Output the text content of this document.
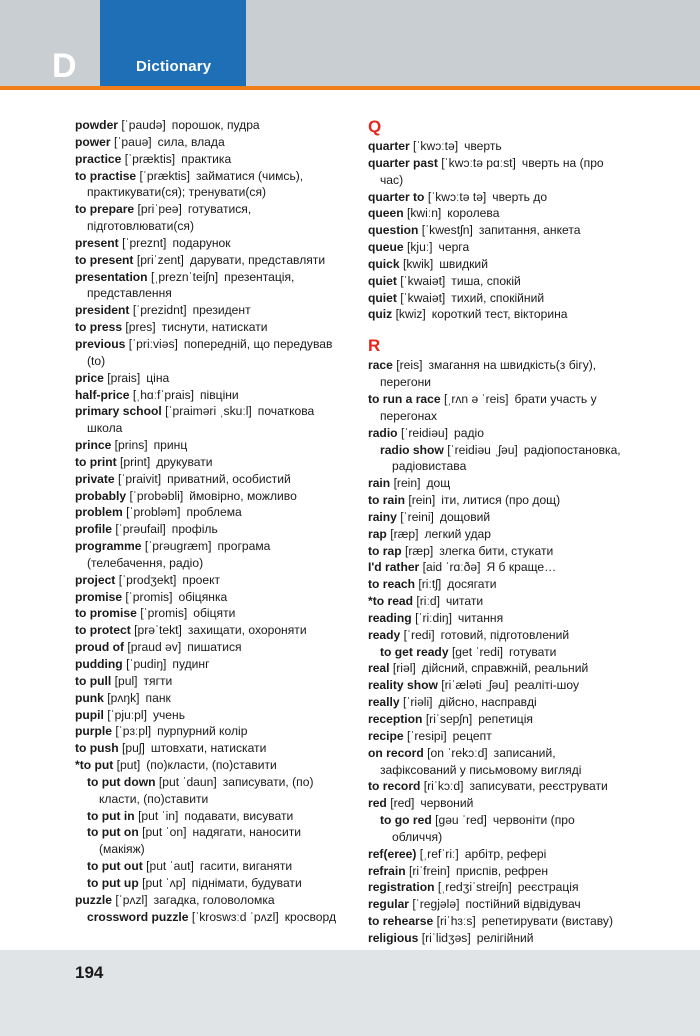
Dictionary
D
powder [ˈpaudə] порошок, пудра
power [ˈpauə] сила, влада
practice [ˈpræktis] практика
to practise [ˈpræktis] займатися (чимсь),
практикувати(ся); тренувати(ся)
to prepare [priˈpeə] готуватися,
підготовлювати(ся)
present [ˈpreznt] подарунок
to present [priˈzent] дарувати, представляти
presentation [ˌpreznˈteiʃn] презентація,
представлення
president [ˈprezidnt] президент
to press [pres] тиснути, натискати
previous [ˈpriːviəs] попередній, що передував
(to)
price [prais] ціна
half-price [ˌhɑːfˈprais] півціни
primary school [ˈpraiməri ˌskuːl] початкова
школа
prince [prins] принц
to print [print] друкувати
private [ˈpraivit] приватний, особистий
probably [ˈprobəbli] ймовірно, можливо
problem [ˈprobləm] проблема
profile [ˈprəufail] профіль
programme [ˈprəugræm] програма
(телебачення, радіо)
project [ˈprodʒekt] проект
promise [ˈpromis] обіцянка
to promise [ˈpromis] обіцяти
to protect [prəˈtekt] захищати, охороняти
proud of [praud əv] пишатися
pudding [ˈpudiŋ] пудинг
to pull [pul] тягти
punk [pʌŋk] панк
pupil [ˈpjuːpl] учень
purple [ˈpɜːpl] пурпурний колір
to push [puʃ] штовхати, натискати
*to put [put] (по)класти, (по)ставити
to put down [put ˈdaun] записувати, (по)
класти, (по)ставити
to put in [put ˈin] подавати, висувати
to put on [put ˈon] надягати, наносити
(макіяж)
to put out [put ˈaut] гасити, виганяти
to put up [put ˈʌp] піднімати, будувати
puzzle [ˈpʌzl] загадка, головоломка
crossword puzzle [ˈkroswɜːd ˈpʌzl] кросворд
Q
quarter [ˈkwɔːtə] чверть
quarter past [ˈkwɔːtə pɑːst] чверть на (про
час)
quarter to [ˈkwɔːtə tə] чверть до
queen [kwiːn] королева
question [ˈkwestʃn] запитання, анкета
queue [kjuː] черга
quick [kwik] швидкий
quiet [ˈkwaiət] тиша, спокій
quiet [ˈkwaiət] тихий, спокійний
quiz [kwiz] короткий тест, вікторина
R
race [reis] змагання на швидкість(з бігу),
перегони
to run a race [ˌrʌn ə ˈreis] брати участь у
перегонах
radio [ˈreidiəu] радіо
radio show [ˈreidiəu ˌʃəu] радіопостановка,
радіовистава
rain [rein] дощ
to rain [rein] іти, литися (про дощ)
rainy [ˈreini] дощовий
rap [ræp] легкий удар
to rap [ræp] злегка бити, стукати
I'd rather [aid ˈrɑːðə] Я б краще…
to reach [riːtʃ] досягати
*to read [riːd] читати
reading [ˈriːdiŋ] читання
ready [ˈredi] готовий, підготовлений
to get ready [get ˈredi] готувати
real [riəl] дійсний, справжній, реальний
reality show [riˈæləti ˌʃəu] реаліті-шоу
really [ˈriəli] дійсно, насправді
reception [riˈsepʃn] репетиція
recipe [ˈresipi] рецепт
on record [on ˈrekɔːd] записаний,
зафіксований у письмовому вигляді
to record [riˈkɔːd] записувати, реєструвати
red [red] червоний
to go red [gəu ˈred] червоніти (про
обличчя)
ref(eree) [ˌrefˈriː] арбітр, рефері
refrain [riˈfrein] приспів, рефрен
registration [ˌredʒiˈstreiʃn] реєстрація
regular [ˈregjələ] постійний відвідувач
to rehearse [riˈhɜːs] репетирувати (виставу)
religious [riˈlidʒəs] релігійний
194
